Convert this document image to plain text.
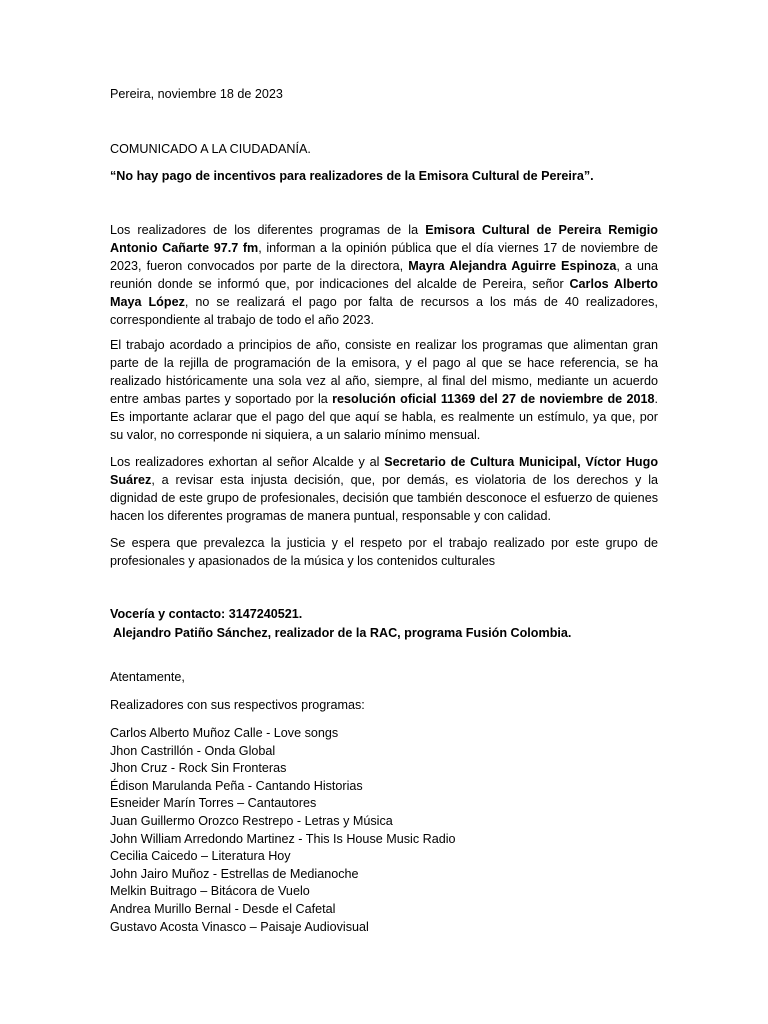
Pereira, noviembre 18 de 2023

COMUNICADO A LA CIUDADANÍA.

“No hay pago de incentivos para realizadores de la Emisora Cultural de Pereira”.

Los realizadores de los diferentes programas de la Emisora Cultural de Pereira Remigio Antonio Cañarte 97.7 fm, informan a la opinión pública que el día viernes 17 de noviembre de 2023, fueron convocados por parte de la directora, Mayra Alejandra Aguirre Espinoza, a una reunión donde se informó que, por indicaciones del alcalde de Pereira, señor Carlos Alberto Maya López, no se realizará el pago por falta de recursos a los más de 40 realizadores, correspondiente al trabajo de todo el año 2023.

El trabajo acordado a principios de año, consiste en realizar los programas que alimentan gran parte de la rejilla de programación de la emisora, y el pago al que se hace referencia, se ha realizado históricamente una sola vez al año, siempre, al final del mismo, mediante un acuerdo entre ambas partes y soportado por la resolución oficial 11369 del 27 de noviembre de 2018. Es importante aclarar que el pago del que aquí se habla, es realmente un estímulo, ya que, por su valor, no corresponde ni siquiera, a un salario mínimo mensual.

Los realizadores exhortan al señor Alcalde y al Secretario de Cultura Municipal, Víctor Hugo Suárez, a revisar esta injusta decisión, que, por demás, es violatoria de los derechos y la dignidad de este grupo de profesionales, decisión que también desconoce el esfuerzo de quienes hacen los diferentes programas de manera puntual, responsable y con calidad.

Se espera que prevalezca la justicia y el respeto por el trabajo realizado por este grupo de profesionales y apasionados de la música y los contenidos culturales

Vocería y contacto: 3147240521.

Alejandro Patiño Sánchez, realizador de la RAC, programa Fusión Colombia.

Atentamente,

Realizadores con sus respectivos programas:

Carlos Alberto Muñoz Calle - Love songs
Jhon Castrillón - Onda Global
Jhon Cruz - Rock Sin Fronteras
Édison Marulanda Peña - Cantando Historias
Esneider Marín Torres – Cantautores
Juan Guillermo Orozco Restrepo - Letras y Música
John William Arredondo Martinez - This Is House Music Radio
Cecilia Caicedo – Literatura Hoy
John Jairo Muñoz - Estrellas de Medianoche
Melkin Buitrago – Bitácora de Vuelo
Andrea Murillo Bernal - Desde el Cafetal
Gustavo Acosta Vinasco – Paisaje Audiovisual
